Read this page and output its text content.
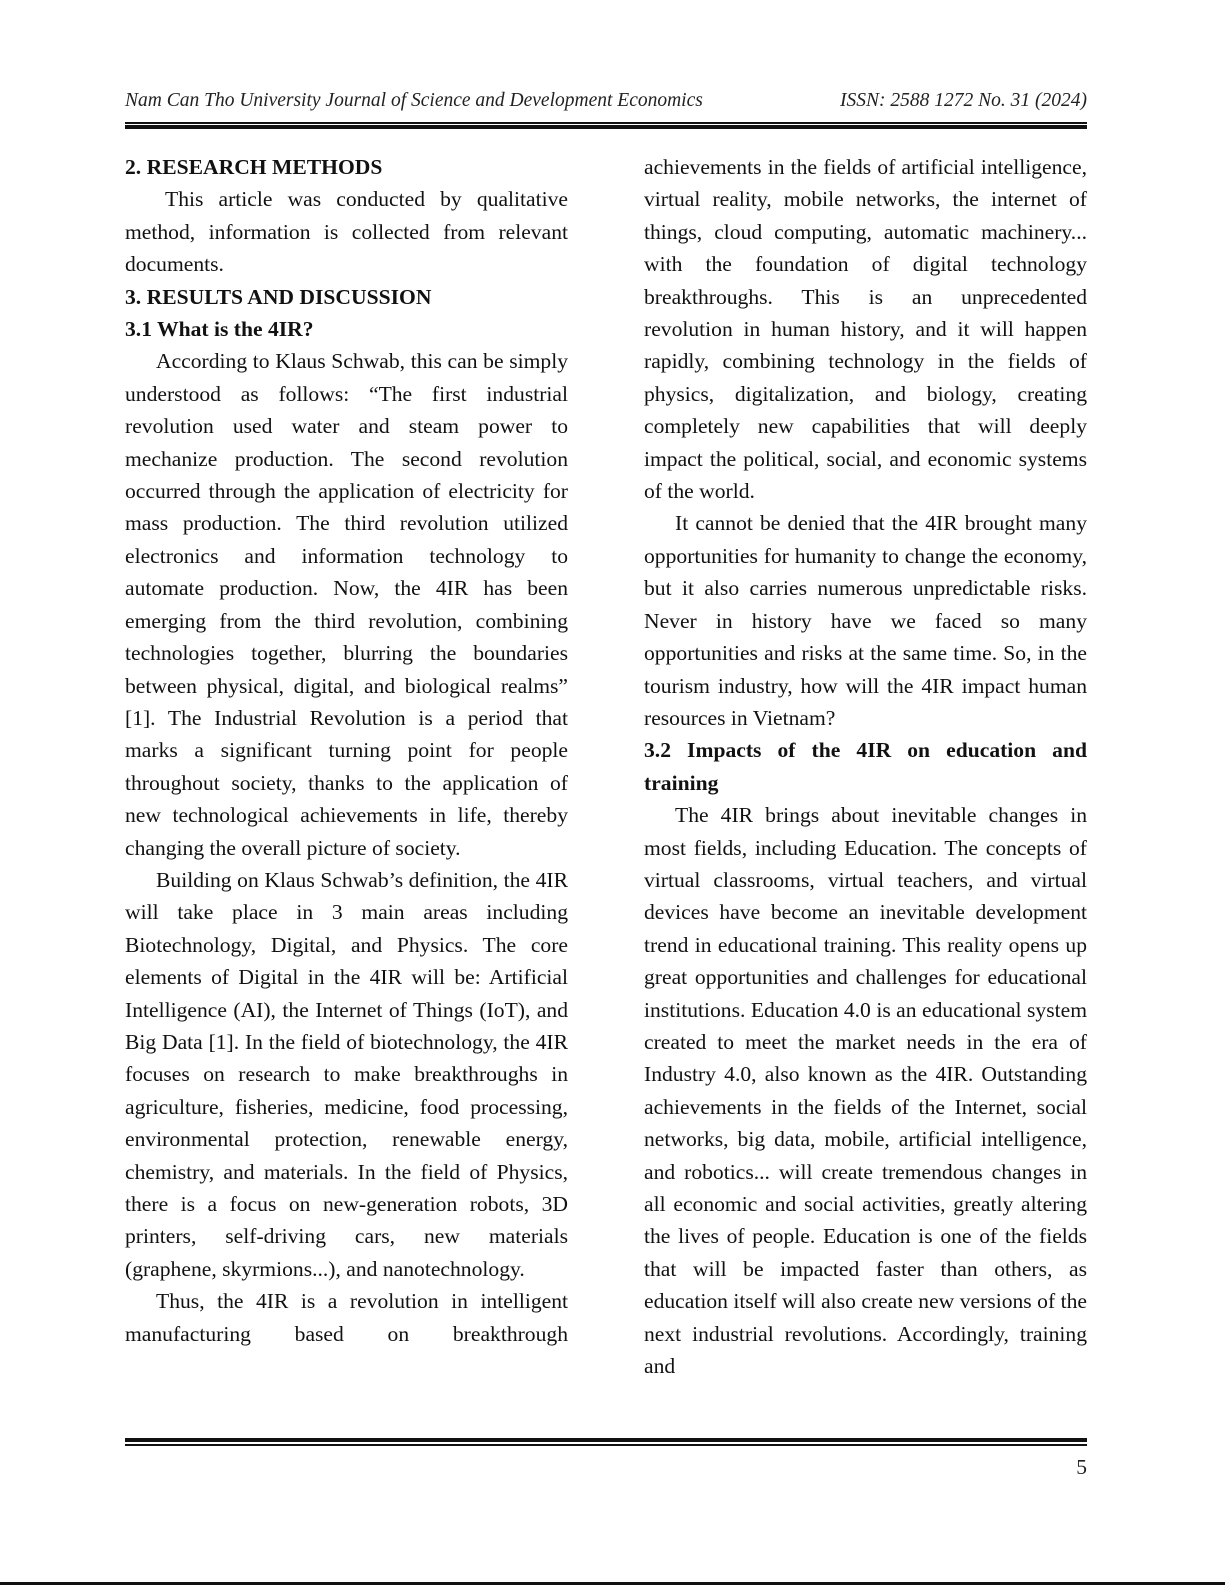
Nam Can Tho University Journal of Science and Development Economics	ISSN: 2588 1272 No. 31 (2024)
2. RESEARCH METHODS

This article was conducted by qualitative method, information is collected from relevant documents.

3. RESULTS AND DISCUSSION
3.1 What is the 4IR?

According to Klaus Schwab, this can be simply understood as follows: “The first industrial revolution used water and steam power to mechanize production. The second revolution occurred through the application of electricity for mass production. The third revolution utilized electronics and information technology to automate production. Now, the 4IR has been emerging from the third revolution, combining technologies together, blurring the boundaries between physical, digital, and biological realms” [1]. The Industrial Revolution is a period that marks a significant turning point for people throughout society, thanks to the application of new technological achievements in life, thereby changing the overall picture of society.

Building on Klaus Schwab’s definition, the 4IR will take place in 3 main areas including Biotechnology, Digital, and Physics. The core elements of Digital in the 4IR will be: Artificial Intelligence (AI), the Internet of Things (IoT), and Big Data [1]. In the field of biotechnology, the 4IR focuses on research to make breakthroughs in agriculture, fisheries, medicine, food processing, environmental protection, renewable energy, chemistry, and materials. In the field of Physics, there is a focus on new-generation robots, 3D printers, self-driving cars, new materials (graphene, skyrmions...), and nanotechnology.

Thus, the 4IR is a revolution in intelligent manufacturing based on breakthrough

achievements in the fields of artificial intelligence, virtual reality, mobile networks, the internet of things, cloud computing, automatic machinery... with the foundation of digital technology breakthroughs. This is an unprecedented revolution in human history, and it will happen rapidly, combining technology in the fields of physics, digitalization, and biology, creating completely new capabilities that will deeply impact the political, social, and economic systems of the world.

It cannot be denied that the 4IR brought many opportunities for humanity to change the economy, but it also carries numerous unpredictable risks. Never in history have we faced so many opportunities and risks at the same time. So, in the tourism industry, how will the 4IR impact human resources in Vietnam?

3.2 Impacts of the 4IR on education and training

The 4IR brings about inevitable changes in most fields, including Education. The concepts of virtual classrooms, virtual teachers, and virtual devices have become an inevitable development trend in educational training. This reality opens up great opportunities and challenges for educational institutions. Education 4.0 is an educational system created to meet the market needs in the era of Industry 4.0, also known as the 4IR. Outstanding achievements in the fields of the Internet, social networks, big data, mobile, artificial intelligence, and robotics... will create tremendous changes in all economic and social activities, greatly altering the lives of people. Education is one of the fields that will be impacted faster than others, as education itself will also create new versions of the next industrial revolutions. Accordingly, training and

5
